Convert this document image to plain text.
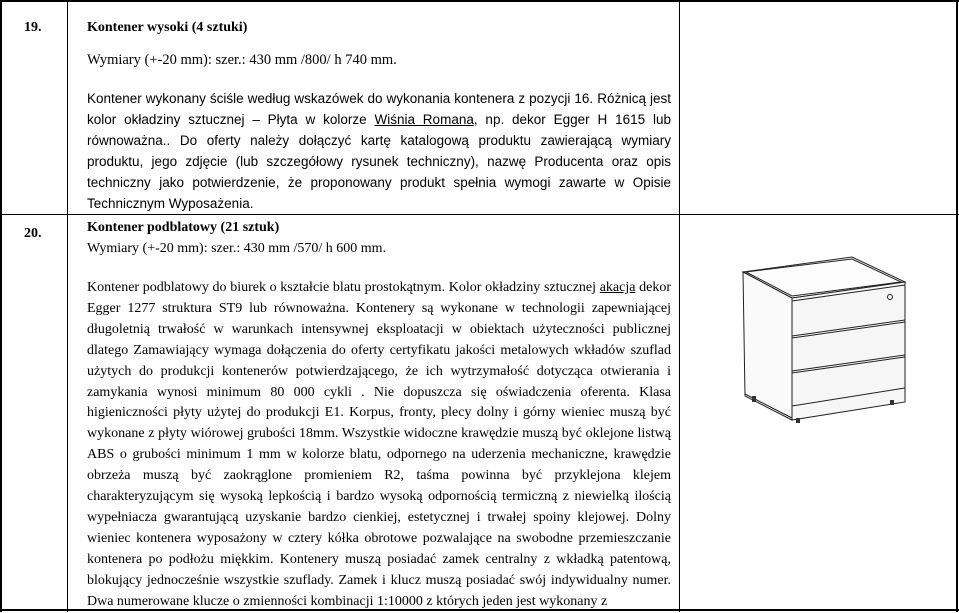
19.	Kontener wysoki (4 sztuki)
Wymiary (+-20 mm): szer.: 430 mm /800/ h 740 mm.
Kontener wykonany ściśle według wskazówek do wykonania kontenera z pozycji 16. Różnicą jest kolor okładziny sztucznej – Płyta w kolorze Wiśnia Romana, np. dekor Egger H 1615 lub równoważna.. Do oferty należy dołączyć kartę katalogową produktu zawierającą wymiary produktu, jego zdjęcie (lub szczegółowy rysunek techniczny), nazwę Producenta oraz opis techniczny jako potwierdzenie, że proponowany produkt spełnia wymogi zawarte w Opisie Technicznym Wyposażenia.
20.	Kontener podblatowy (21 sztuk)
Wymiary (+-20 mm): szer.: 430 mm /570/ h 600 mm.
Kontener podblatowy do biurek o kształcie blatu prostokątnym. Kolor okładziny sztucznej akacja dekor Egger 1277 struktura ST9 lub równoważna. Kontenery są wykonane w technologii zapewniającej długoletnią trwałość w warunkach intensywnej eksploatacji w obiektach użyteczności publicznej dlatego Zamawiający wymaga dołączenia do oferty certyfikatu jakości metalowych wkładów szuflad użytych do produkcji kontenerów potwierdzającego, że ich wytrzymałość dotycząca otwierania i zamykania wynosi minimum 80 000 cykli . Nie dopuszcza się oświadczenia oferenta. Klasa higieniczności płyty użytej do produkcji E1. Korpus, fronty, plecy dolny i górny wieniec muszą być wykonane z płyty wiórowej grubości 18mm. Wszystkie widoczne krawędzie muszą być oklejone listwą ABS o grubości minimum 1 mm w kolorze blatu, odpornego na uderzenia mechaniczne, krawędzie obrzeża muszą być zaokrąglone promieniem R2, taśma powinna być przyklejona klejem charakteryzującym się wysoką lepkością i bardzo wysoką odpornością termiczną z niewielką ilością wypełniacza gwarantującą uzyskanie bardzo cienkiej, estetycznej i trwałej spoiny klejowej. Dolny wieniec kontenera wyposażony w cztery kółka obrotowe pozwalające na swobodne przemieszczanie kontenera po podłożu miękkim. Kontenery muszą posiadać zamek centralny z wkładką patentową, blokujący jednocześnie wszystkie szuflady. Zamek i klucz muszą posiadać swój indywidualny numer. Dwa numerowane klucze o zmienności kombinacji 1:10000 z których jeden jest wykonany z
